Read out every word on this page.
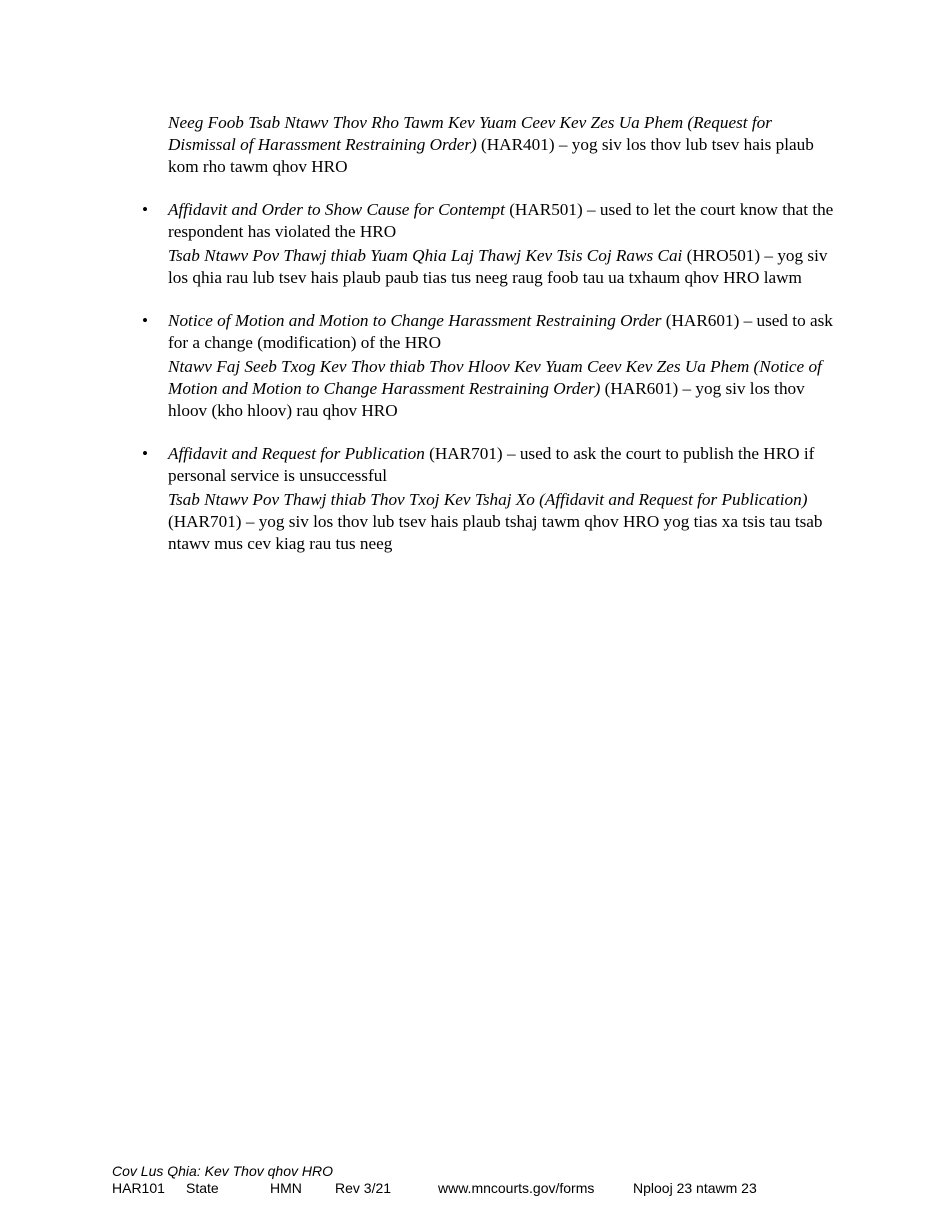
Neeg Foob Tsab Ntawv Thov Rho Tawm Kev Yuam Ceev Kev Zes Ua Phem (Request for Dismissal of Harassment Restraining Order) (HAR401) – yog siv los thov lub tsev hais plaub kom rho tawm qhov HRO

• Affidavit and Order to Show Cause for Contempt (HAR501) – used to let the court know that the respondent has violated the HRO

Tsab Ntawv Pov Thawj thiab Yuam Qhia Laj Thawj Kev Tsis Coj Raws Cai (HRO501) – yog siv los qhia rau lub tsev hais plaub paub tias tus neeg raug foob tau ua txhaum qhov HRO lawm

• Notice of Motion and Motion to Change Harassment Restraining Order (HAR601) – used to ask for a change (modification) of the HRO

Ntawv Faj Seeb Txog Kev Thov thiab Thov Hloov Kev Yuam Ceev Kev Zes Ua Phem (Notice of Motion and Motion to Change Harassment Restraining Order) (HAR601) – yog siv los thov hloov (kho hloov) rau qhov HRO

• Affidavit and Request for Publication (HAR701) – used to ask the court to publish the HRO if personal service is unsuccessful

Tsab Ntawv Pov Thawj thiab Thov Txoj Kev Tshaj Xo (Affidavit and Request for Publication) (HAR701) – yog siv los thov lub tsev hais plaub tshaj tawm qhov HRO yog tias xa tsis tau tsab ntawv mus cev kiag rau tus neeg

Cov Lus Qhia: Kev Thov qhov HRO
HAR101 State	HMN Rev 3/21	www.mncourts.gov/forms	Nplooj 23 ntawm 23
